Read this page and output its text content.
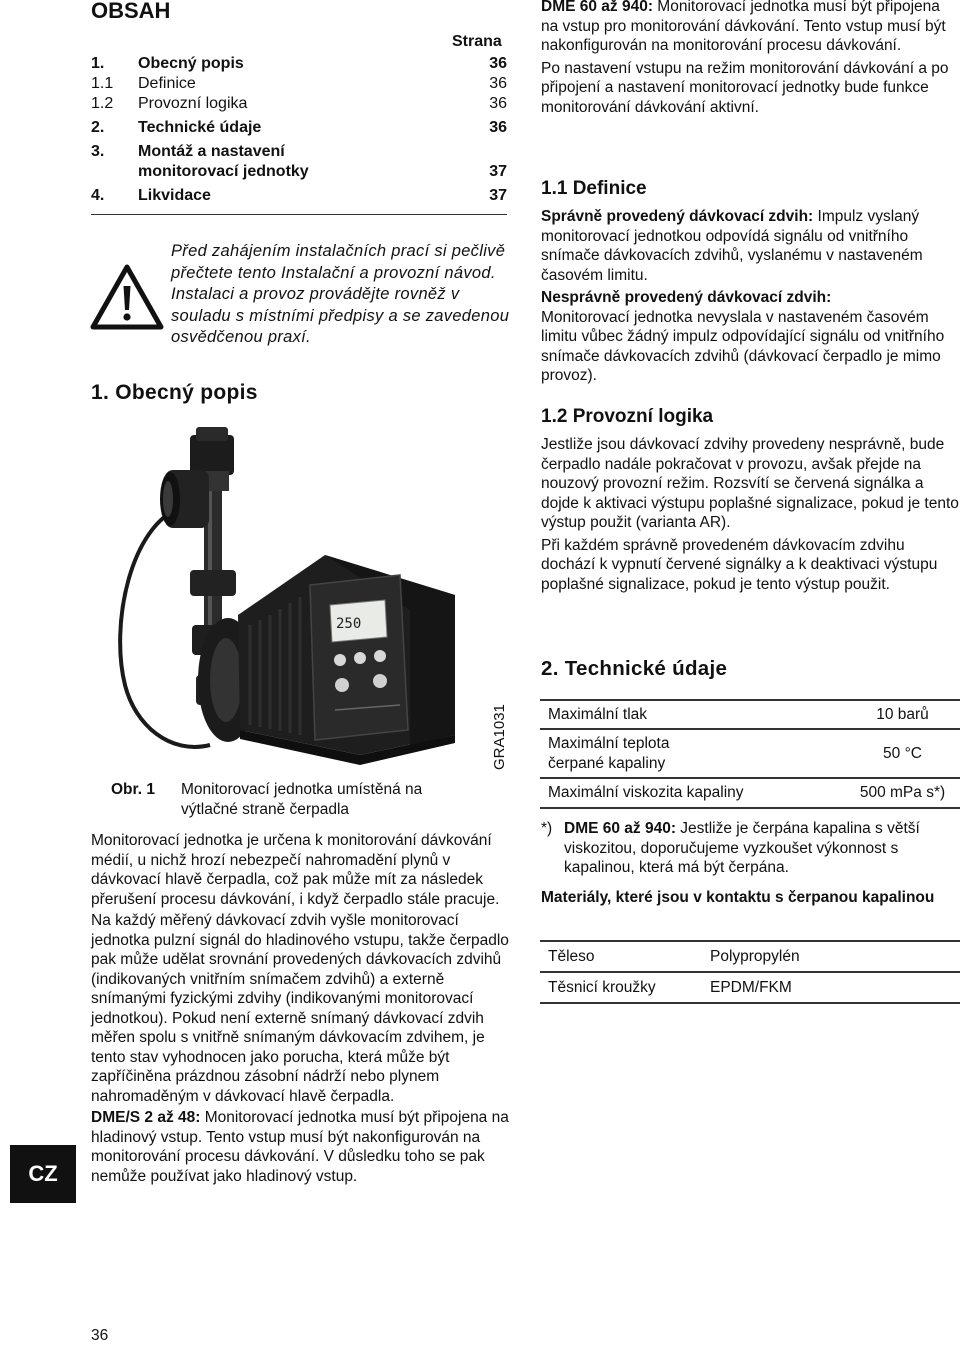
OBSAH
Strana
1.	Obecný popis	36
1.1	Definice	36
1.2	Provozní logika	36
2.	Technické údaje	36
3.	Montáž a nastavení monitorovací jednotky	37
4.	Likvidace	37
Před zahájením instalačních prací si pečlivě přečtete tento Instalační a provozní návod. Instalaci a provoz provádějte rovněž v souladu s místními předpisy a se zavedenou osvědčenou praxí.
1. Obecný popis
250
GRA1031
Obr. 1 Monitorovací jednotka umístěná na výtlačné straně čerpadla

Monitorovací jednotka je určena k monitorování dávkování médií, u nichž hrozí nebezpečí nahromadění plynů v dávkovací hlavě čerpadla, což pak může mít za následek přerušení procesu dávkování, i když čerpadlo stále pracuje.

Na každý měřený dávkovací zdvih vyšle monitorovací jednotka pulzní signál do hladinového vstupu, takže čerpadlo pak může udělat srovnání provedených dávkovacích zdvihů (indikovaných vnitřním snímačem zdvihů) a externě snímanými fyzickými zdvihy (indikovanými monitorovací jednotkou). Pokud není externě snímaný dávkovací zdvih měřen spolu s vnitřně snímaným dávkovacím zdvihem, je tento stav vyhodnocen jako porucha, která může být zapříčiněna prázdnou zásobní nádrží nebo plynem nahromaděným v dávkovací hlavě čerpadla.

DME/S 2 až 48: Monitorovací jednotka musí být připojena na hladinový vstup. Tento vstup musí být nakonfigurován na monitorování procesu dávkování. V důsledku toho se pak nemůže používat jako hladinový vstup.

DME 60 až 940: Monitorovací jednotka musí být připojena na vstup pro monitorování dávkování. Tento vstup musí být nakonfigurován na monitorování procesu dávkování.

Po nastavení vstupu na režim monitorování dávkování a po připojení a nastavení monitorovací jednotky bude funkce monitorování dávkování aktivní.

1.1 Definice

Správně provedený dávkovací zdvih: Impulz vyslaný monitorovací jednotkou odpovídá signálu od vnitřního snímače dávkovacích zdvihů, vyslanému v nastaveném časovém limitu.

Nesprávně provedený dávkovací zdvih:
Monitorovací jednotka nevyslala v nastaveném časovém limitu vůbec žádný impulz odpovídající signálu od vnitřního snímače dávkovacích zdvihů (dávkovací čerpadlo je mimo provoz).

1.2 Provozní logika

Jestliže jsou dávkovací zdvihy provedeny nesprávně, bude čerpadlo nadále pokračovat v provozu, avšak přejde na nouzový provozní režim. Rozsvítí se červená signálka a dojde k aktivaci výstupu poplašné signalizace, pokud je tento výstup použit (varianta AR).

Při každém správně provedeném dávkovacím zdvihu dochází k vypnutí červené signálky a k deaktivaci výstupu poplašné signalizace, pokud je tento výstup použit.

2. Technické údaje
Maximální tlak	10 barů
Maximální teplota čerpané kapaliny	50 °C
Maximální viskozita kapaliny	500 mPa s*)
*) DME 60 až 940: Jestliže je čerpána kapalina s větší viskozitou, doporučujeme vyzkoušet výkonnost s kapalinou, která má být čerpána.

Materiály, které jsou v kontaktu s čerpanou kapalinou
Těleso	Polypropylén
Těsnicí kroužky	EPDM/FKM
CZ
36
